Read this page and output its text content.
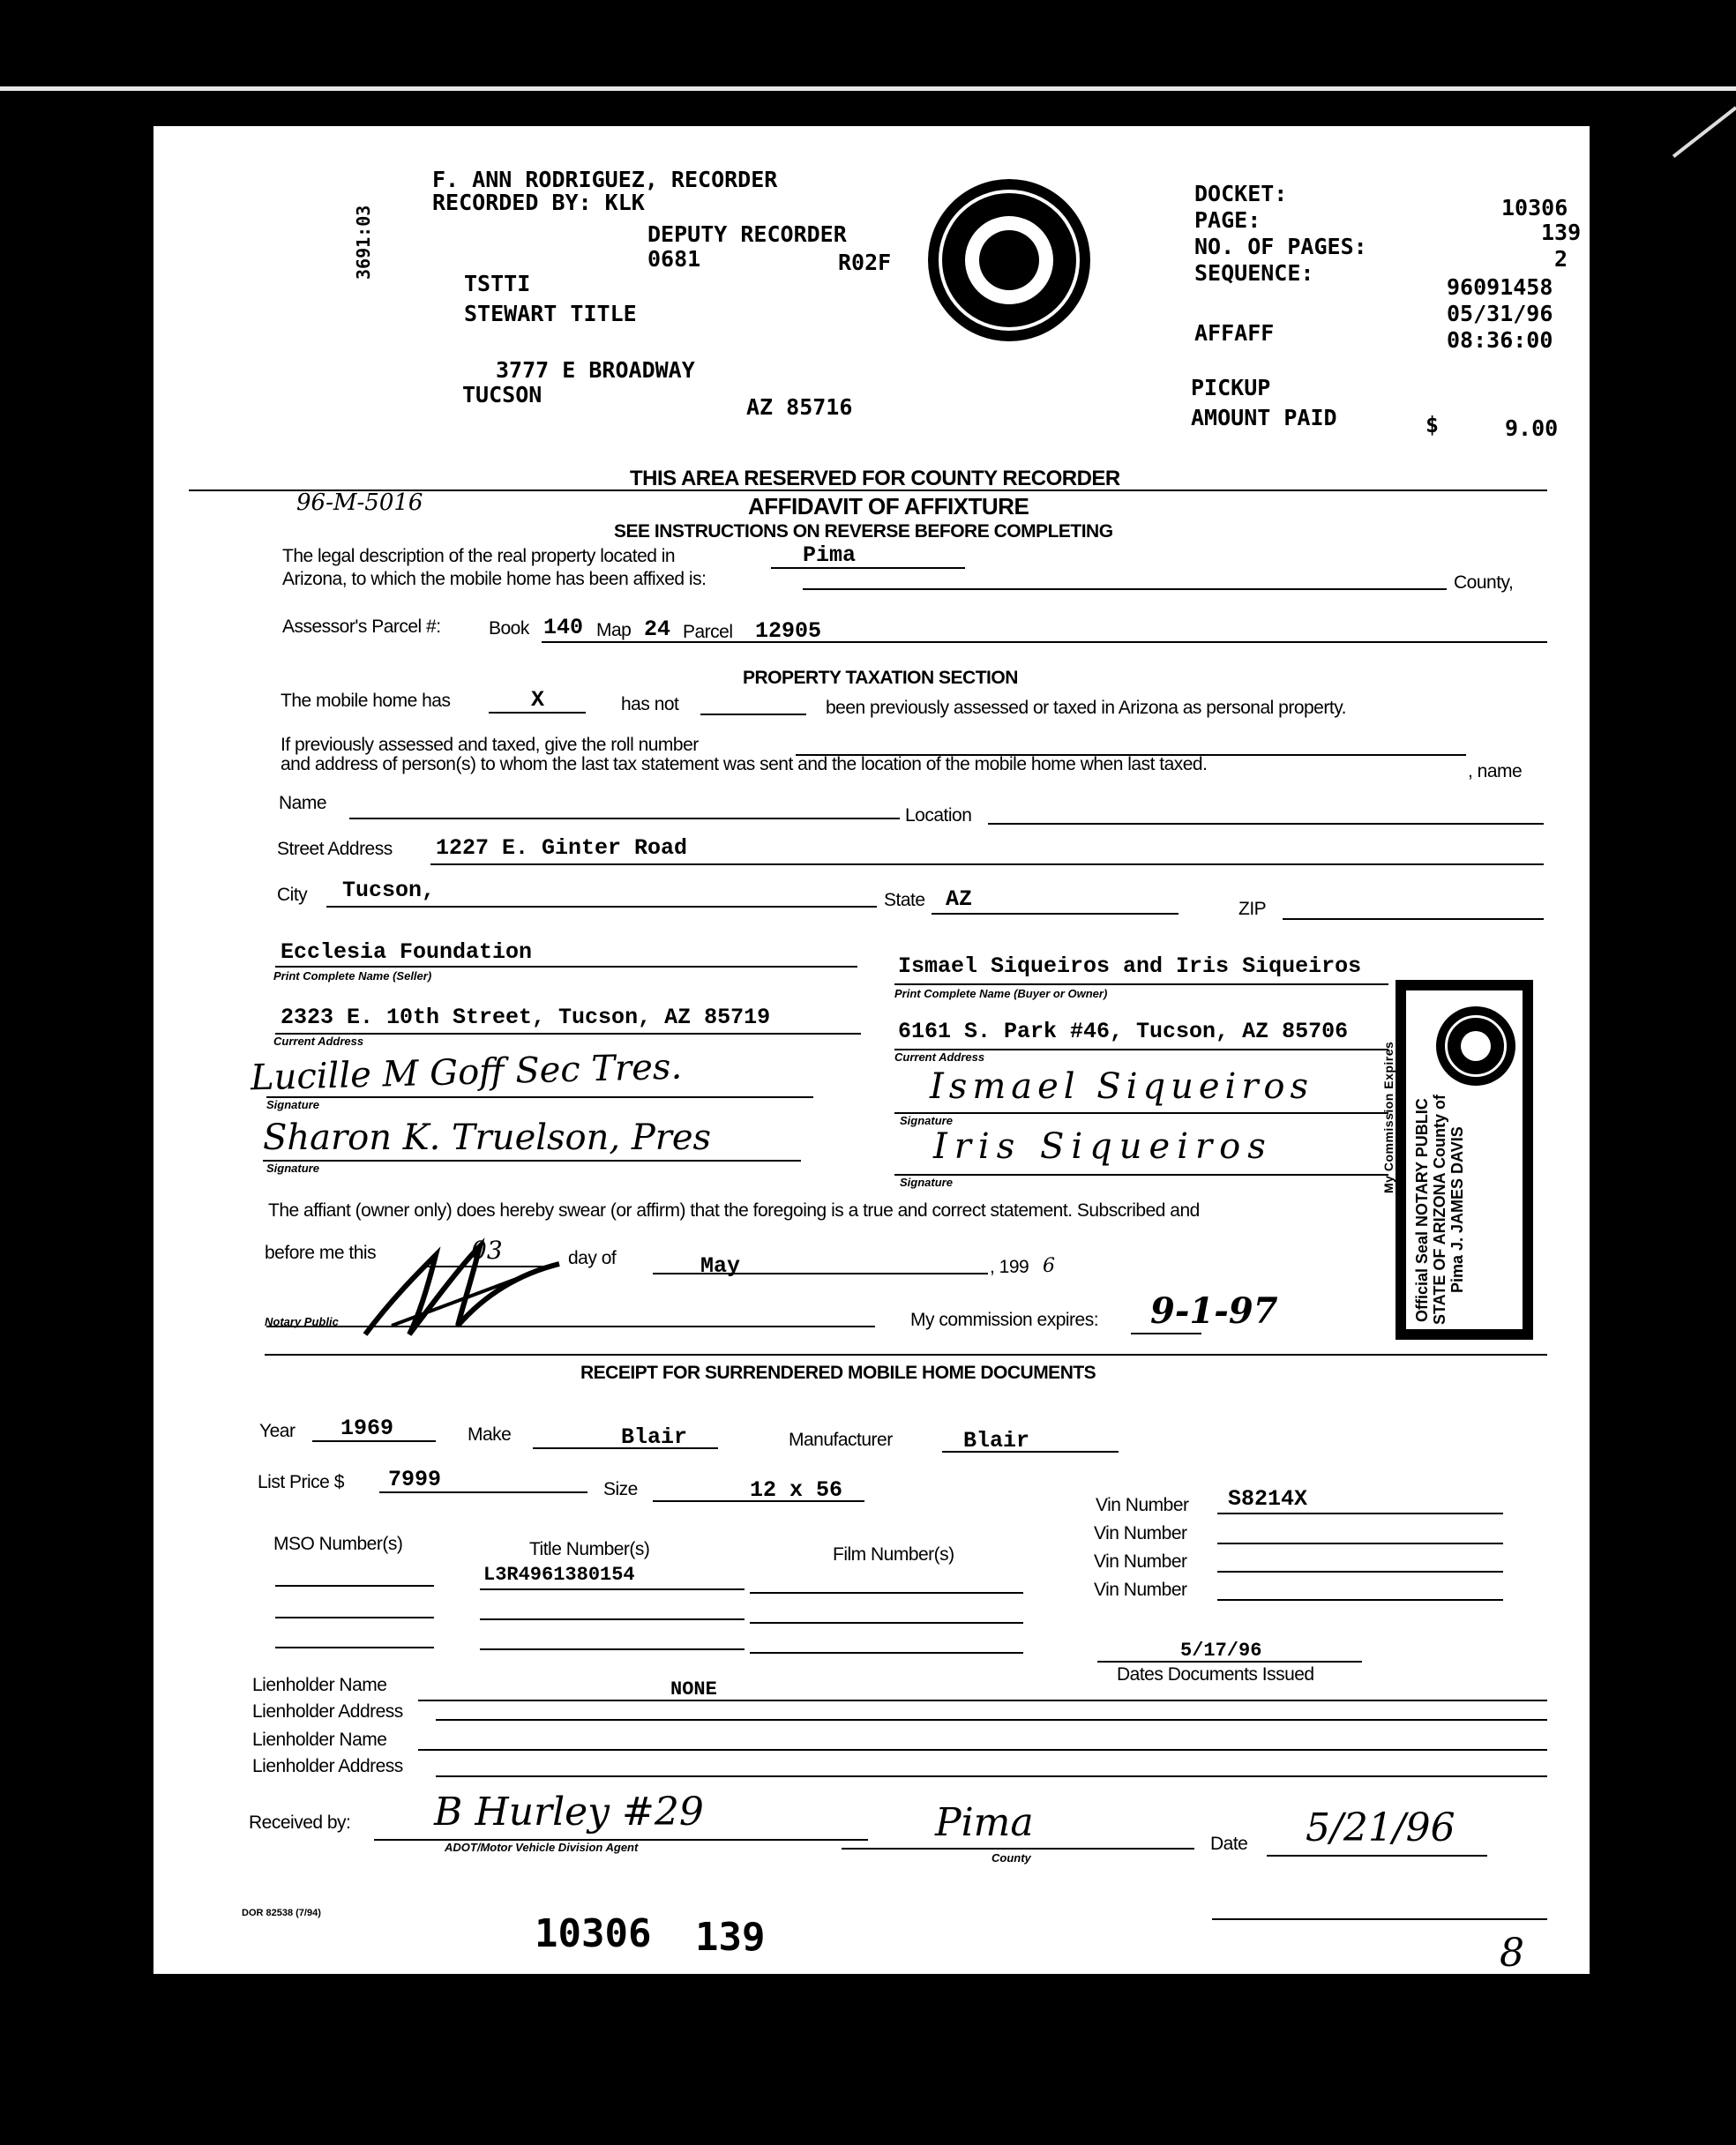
3691:03
F. ANN RODRIGUEZ, RECORDER
RECORDED BY: KLK
DEPUTY RECORDER
0681	R02F
TSTTI
STEWART TITLE
3777 E BROADWAY
TUCSON	AZ 85716
DOCKET:
10306
PAGE:	139
NO. OF PAGES:	2
SEQUENCE:
96091458
05/31/96
AFFAFF	08:36:00
PICKUP
AMOUNT PAID	$	9.00
THIS AREA RESERVED FOR COUNTY RECORDER
96-M-5016	AFFIDAVIT OF AFFIXTURE
SEE INSTRUCTIONS ON REVERSE BEFORE COMPLETING
The legal description of the real property located in	Pima
Arizona, to which the mobile home has been affixed is:	County,
Assessor's Parcel #:	Book 140 Map 24 Parcel 12905
PROPERTY TAXATION SECTION
The mobile home has	X	has not	been previously assessed or taxed in Arizona as personal property.
If previously assessed and taxed, give the roll number
, name
and address of person(s) to whom the last tax statement was sent and the location of the mobile home when last taxed.
Name
Location
Street Address 1227 E. Ginter Road
City Tucson,	State AZ	ZIP
Ecclesia Foundation
Print Complete Name (Seller)	Ismael Siqueiros and Iris Siqueiros
Print Complete Name (Buyer or Owner)
2323 E. 10th Street, Tucson, AZ 85719
Current Address	6161 S. Park #46, Tucson, AZ 85706
Current Address
Lucille M Goff Sec Tres.
Signature
Sharon K. Truelson, Pres
Signature
Ismael Siqueiros
Signature
Iris Siqueiros
Signature	Official Seal NOTARY PUBLIC STATE OF ARIZONA County of Pima J. JAMES DAVIS
My Commission Expires
The affiant (owner only) does hereby swear (or affirm) that the foregoing is a true and correct statement. Subscribed and
before me this	03	day of	May	, 199 6
Notary Public	My commission expires: 9-1-97
RECEIPT FOR SURRENDERED MOBILE HOME DOCUMENTS
Year 1969	Make	Blair	Manufacturer	Blair
List Price $ 7999	Size	12 x 56
Vin Number S8214X
Vin Number
Vin Number
Vin Number
MSO Number(s)	Title Number(s)	Film Number(s)
L3R4961380154
5/17/96
Dates Documents Issued
Lienholder Name	NONE
Lienholder Address
Lienholder Name
Lienholder Address
Received by: B Hurley #29
ADOT/Motor Vehicle Division Agent
Pima
County
Date 5/21/96
DOR 82538 (7/94)	10306 139	8
